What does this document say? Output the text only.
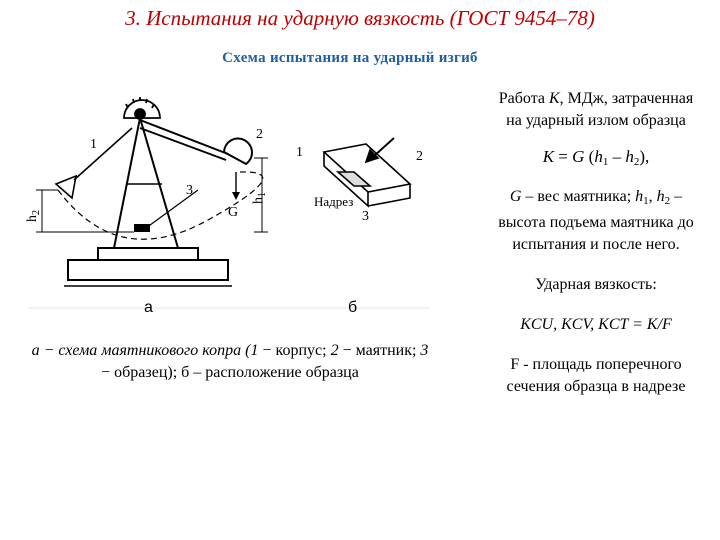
3. Испытания на ударную вязкость (ГОСТ 9454–78)
Схема испытания на ударный изгиб
1
2
3
G
$h_1$
$h_2$
а	б
1	2
3
Надрез
а − схема маятникового копра (1 − корпус; 2 − маятник; 3 − образец); б – расположение образца
Работа К, МДж, затраченная
на ударный излом образца
К = G $(h_1 - h_2)$,
G – вес маятника; $h_1$, $h_2$ –
высота подъема маятника до
испытания и после него.
Ударная вязкость:
KCU, KCV, KCT = K/F
F - площадь поперечного
сечения образца в надрезе
